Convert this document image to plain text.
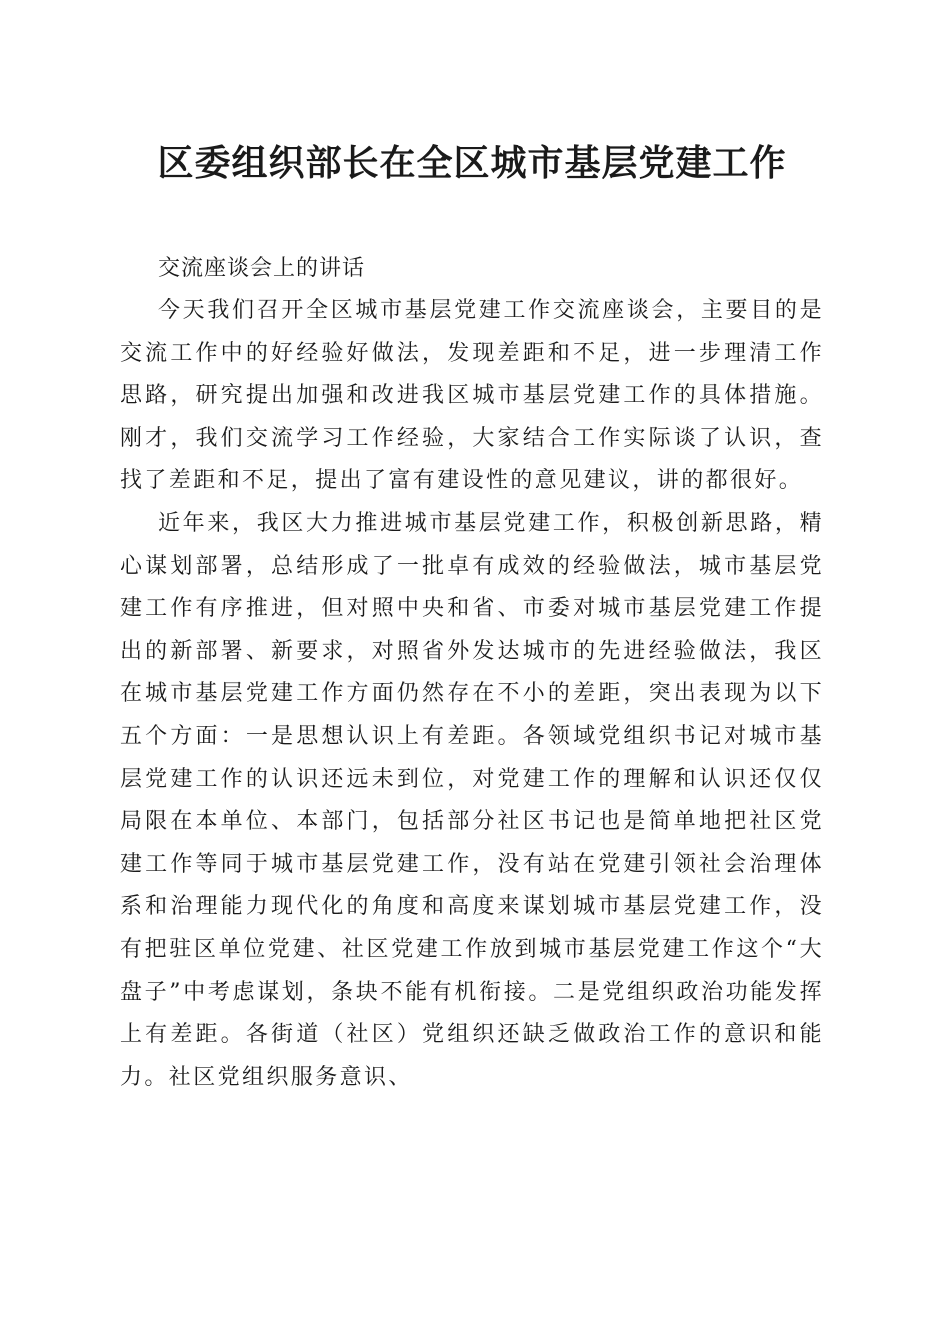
区委组织部长在全区城市基层党建工作

交流座谈会上的讲话

今天我们召开全区城市基层党建工作交流座谈会，主要目的是交流工作中的好经验好做法，发现差距和不足，进一步理清工作思路，研究提出加强和改进我区城市基层党建工作的具体措施。刚才，我们交流学习工作经验，大家结合工作实际谈了认识，查找了差距和不足，提出了富有建设性的意见建议，讲的都很好。

近年来，我区大力推进城市基层党建工作，积极创新思路，精心谋划部署，总结形成了一批卓有成效的经验做法，城市基层党建工作有序推进，但对照中央和省、市委对城市基层党建工作提出的新部署、新要求，对照省外发达城市的先进经验做法，我区在城市基层党建工作方面仍然存在不小的差距，突出表现为以下五个方面：一是思想认识上有差距。各领域党组织书记对城市基层党建工作的认识还远未到位，对党建工作的理解和认识还仅仅局限在本单位、本部门，包括部分社区书记也是简单地把社区党建工作等同于城市基层党建工作，没有站在党建引领社会治理体系和治理能力现代化的角度和高度来谋划城市基层党建工作，没有把驻区单位党建、社区党建工作放到城市基层党建工作这个“大盘子”中考虑谋划，条块不能有机衔接。二是党组织政治功能发挥上有差距。各街道（社区）党组织还缺乏做政治工作的意识和能力。社区党组织服务意识、
